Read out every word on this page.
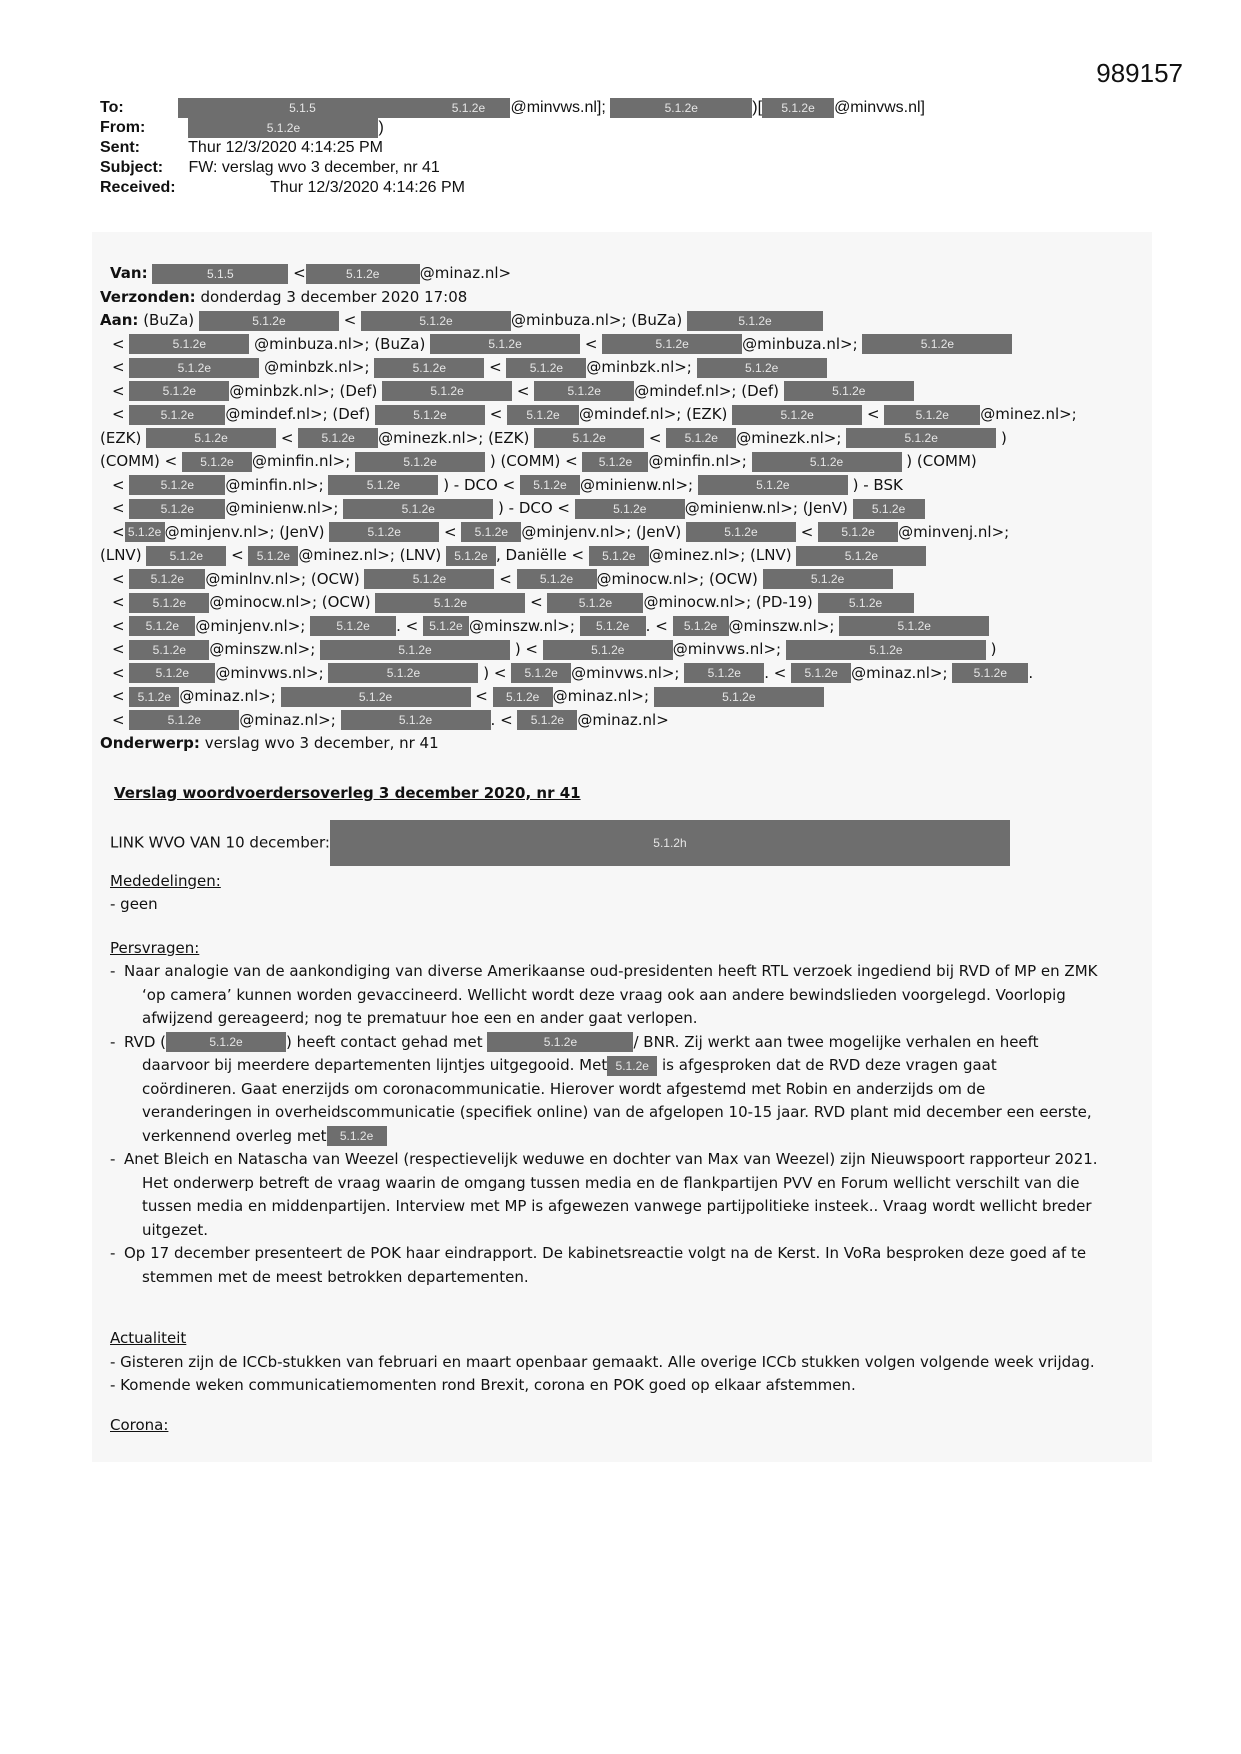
989157
To:	5.1.5	5.1.2e @minvws.nl];	5.1.2e	)[ 5.1.2e @minvws.nl]
From:	5.1.2e	)
Sent:	Thur 12/3/2020 4:14:25 PM
Subject: FW: verslag wvo 3 december, nr 41
Received:	Thur 12/3/2020 4:14:26 PM
Van:	5.1.5	<	5.1.2e	@minaz.nl>
Verzonden: donderdag 3 december 2020 17:08
Aan: (BuZa)	5.1.2e	<	5.1.2e	@minbuza.nl>; (BuZa)	5.1.2e
<	5.1.2e	@minbuza.nl>; (BuZa)	5.1.2e	<	5.1.2e	@minbuza.nl>;	5.1.2e
<	5.1.2e	@minbzk.nl>;	5.1.2e	< 5.1.2e @minbzk.nl>;	5.1.2e
<	5.1.2e @minbzk.nl>; (Def)	5.1.2e	<	5.1.2e @mindef.nl>; (Def)	5.1.2e
<	5.1.2e @mindef.nl>; (Def)	5.1.2e	< 5.1.2e @mindef.nl>; (EZK)	5.1.2e	<	5.1.2e @minez.nl>;
(EZK)	5.1.2e	< 5.1.2e @minezk.nl>; (EZK)	5.1.2e	< 5.1.2e @minezk.nl>;	5.1.2e	)
(COMM) < 5.1.2e @minfin.nl>;	5.1.2e	) (COMM) < 5.1.2e @minfin.nl>;	5.1.2e	) (COMM)
<	5.1.2e @minfin.nl>;	5.1.2e	) - DCO < 5.1.2e @minienw.nl>;	5.1.2e	) - BSK
<	5.1.2e @minienw.nl>;	5.1.2e	) - DCO <	5.1.2e	@minienw.nl>; (JenV) 5.1.2e
< 5.1.2e @minjenv.nl>; (JenV)	5.1.2e	< 5.1.2e @minjenv.nl>; (JenV)	5.1.2e	< 5.1.2e @minvenj.nl>;
(LNV) 5.1.2e < 5.1.2e @minez.nl>; (LNV) 5.1.2e , Daniëlle < 5.1.2e @minez.nl>; (LNV)	5.1.2e
< 5.1.2e @minlnv.nl>; (OCW)	5.1.2e	< 5.1.2e @minocw.nl>; (OCW)	5.1.2e
< 5.1.2e @minocw.nl>; (OCW)	5.1.2e	<	5.1.2e @minocw.nl>; (PD-19)	5.1.2e
< 5.1.2e @minjenv.nl>; 5.1.2e . < 5.1.2e @minszw.nl>; 5.1.2e . < 5.1.2e @minszw.nl>;	5.1.2e
< 5.1.2e @minszw.nl>;	5.1.2e	) <	5.1.2e	@minvws.nl>;	5.1.2e	)
< 5.1.2e @minvws.nl>;	5.1.2e	) < 5.1.2e @minvws.nl>; 5.1.2e . < 5.1.2e @minaz.nl>; 5.1.2e .
< 5.1.2e @minaz.nl>;	5.1.2e	< 5.1.2e @minaz.nl>;	5.1.2e
<	5.1.2e	@minaz.nl>;	5.1.2e	. < 5.1.2e @minaz.nl>
Onderwerp: verslag wvo 3 december, nr 41
Verslag woordvoerdersoverleg 3 december 2020, nr 41
LINK WVO VAN 10 december:	5.1.2h
Mededelingen:
- geen
Persvragen:
- Naar analogie van de aankondiging van diverse Amerikaanse oud-presidenten heeft RTL verzoek ingediend bij RVD of MP en ZMK
‘op camera’ kunnen worden gevaccineerd. Wellicht wordt deze vraag ook aan andere bewindslieden voorgelegd. Voorlopig
afwijzend gereageerd; nog te prematuur hoe een en ander gaat verlopen.
- RVD (	5.1.2e	) heeft contact gehad met	5.1.2e	/ BNR. Zij werkt aan twee mogelijke verhalen en heeft
daarvoor bij meerdere departementen lijntjes uitgegooid. Met 5.1.2e is afgesproken dat de RVD deze vragen gaat
coördineren. Gaat enerzijds om coronacommunicatie. Hierover wordt afgestemd met Robin en anderzijds om de
veranderingen in overheidscommunicatie (specifiek online) van de afgelopen 10-15 jaar. RVD plant mid december een eerste,
verkennend overleg met 5.1.2e
- Anet Bleich en Natascha van Weezel (respectievelijk weduwe en dochter van Max van Weezel) zijn Nieuwspoort rapporteur 2021.
Het onderwerp betreft de vraag waarin de omgang tussen media en de flankpartijen PVV en Forum wellicht verschilt van die
tussen media en middenpartijen. Interview met MP is afgewezen vanwege partijpolitieke insteek.. Vraag wordt wellicht breder
uitgezet.
- Op 17 december presenteert de POK haar eindrapport. De kabinetsreactie volgt na de Kerst. In VoRa besproken deze goed af te
stemmen met de meest betrokken departementen.
Actualiteit
- Gisteren zijn de ICCb-stukken van februari en maart openbaar gemaakt. Alle overige ICCb stukken volgen volgende week vrijdag.
- Komende weken communicatiemomenten rond Brexit, corona en POK goed op elkaar afstemmen.
Corona:
